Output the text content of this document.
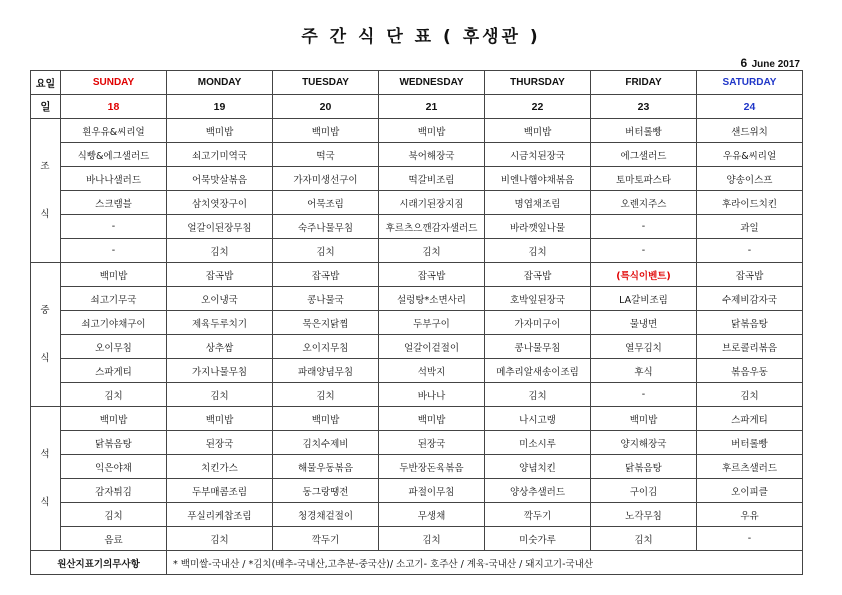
주 간 식 단 표 ( 후생관 )
6 June 2017
요일	SUNDAY	MONDAY	TUESDAY	WEDNESDAY	THURSDAY	FRIDAY	SATURDAY
일	18	19	20	21	22	23	24
조

식	흰우유&씨리얼	백미밥	백미밥	백미밥	백미밥	버터롤빵	샌드위치
	식빵&에그샐러드	쇠고기미역국	떡국	북어해장국	시금치된장국	에그샐러드	우유&씨리얼
	바나나샐러드	어묵맛살볶음	가자미생선구이	떡갈비조림	비엔나햄야채볶음	토마토파스타	양송이스프
	스크램블	삼치엿장구이	어묵조림	시래기된장지짐	명엽채조림	오렌지주스	후라이드치킨
	-	얼갈이된장무침	숙주나물무침	후르츠으깬감자샐러드	바라깻잎나물	-	과일
	-	김치	김치	김치	김치	-	-
중

식	백미밥	잡곡밥	잡곡밥	잡곡밥	잡곡밥	(특식이벤트)	잡곡밥
	쇠고기무국	오이냉국	콩나물국	설렁탕*소면사리	호박잎된장국	LA갈비조림	수제비감자국
	쇠고기야채구이	제육두루치기	묵은지닭찜	두부구이	가자미구이	물냉면	닭볶음탕
	오이무침	상추쌈	오이지무침	얼갈이겉절이	콩나물무침	열무김치	브로콜리볶음
	스파게티	가지나물무침	파래양념무침	석박지	메추리알새송이조림	후식	볶음우동
	김치	김치	김치	바나나	김치	-	김치
석

식	백미밥	백미밥	백미밥	백미밥	나시고랭	백미밥	스파게티
	닭볶음탕	된장국	김치수제비	된장국	미소시루	양지해장국	버터롤빵
	익은야채	치킨가스	해물우동볶음	두반장돈육볶음	양념치킨	닭볶음탕	후르츠샐러드
	감자튀김	두부매콤조림	동그랑땡전	파절이무침	양상추샐러드	구이김	오이피클
	김치	푸실리케찹조림	청경채겉절이	무생채	깍두기	노각무침	우유
	음료	김치	깍두기	김치	미숫가루	김치	-
원산지표기의무사항		* 백미쌀-국내산 / *김치(배추-국내산,고추분-중국산)/ 소고기- 호주산 / 계육-국내산 / 돼지고기-국내산					
